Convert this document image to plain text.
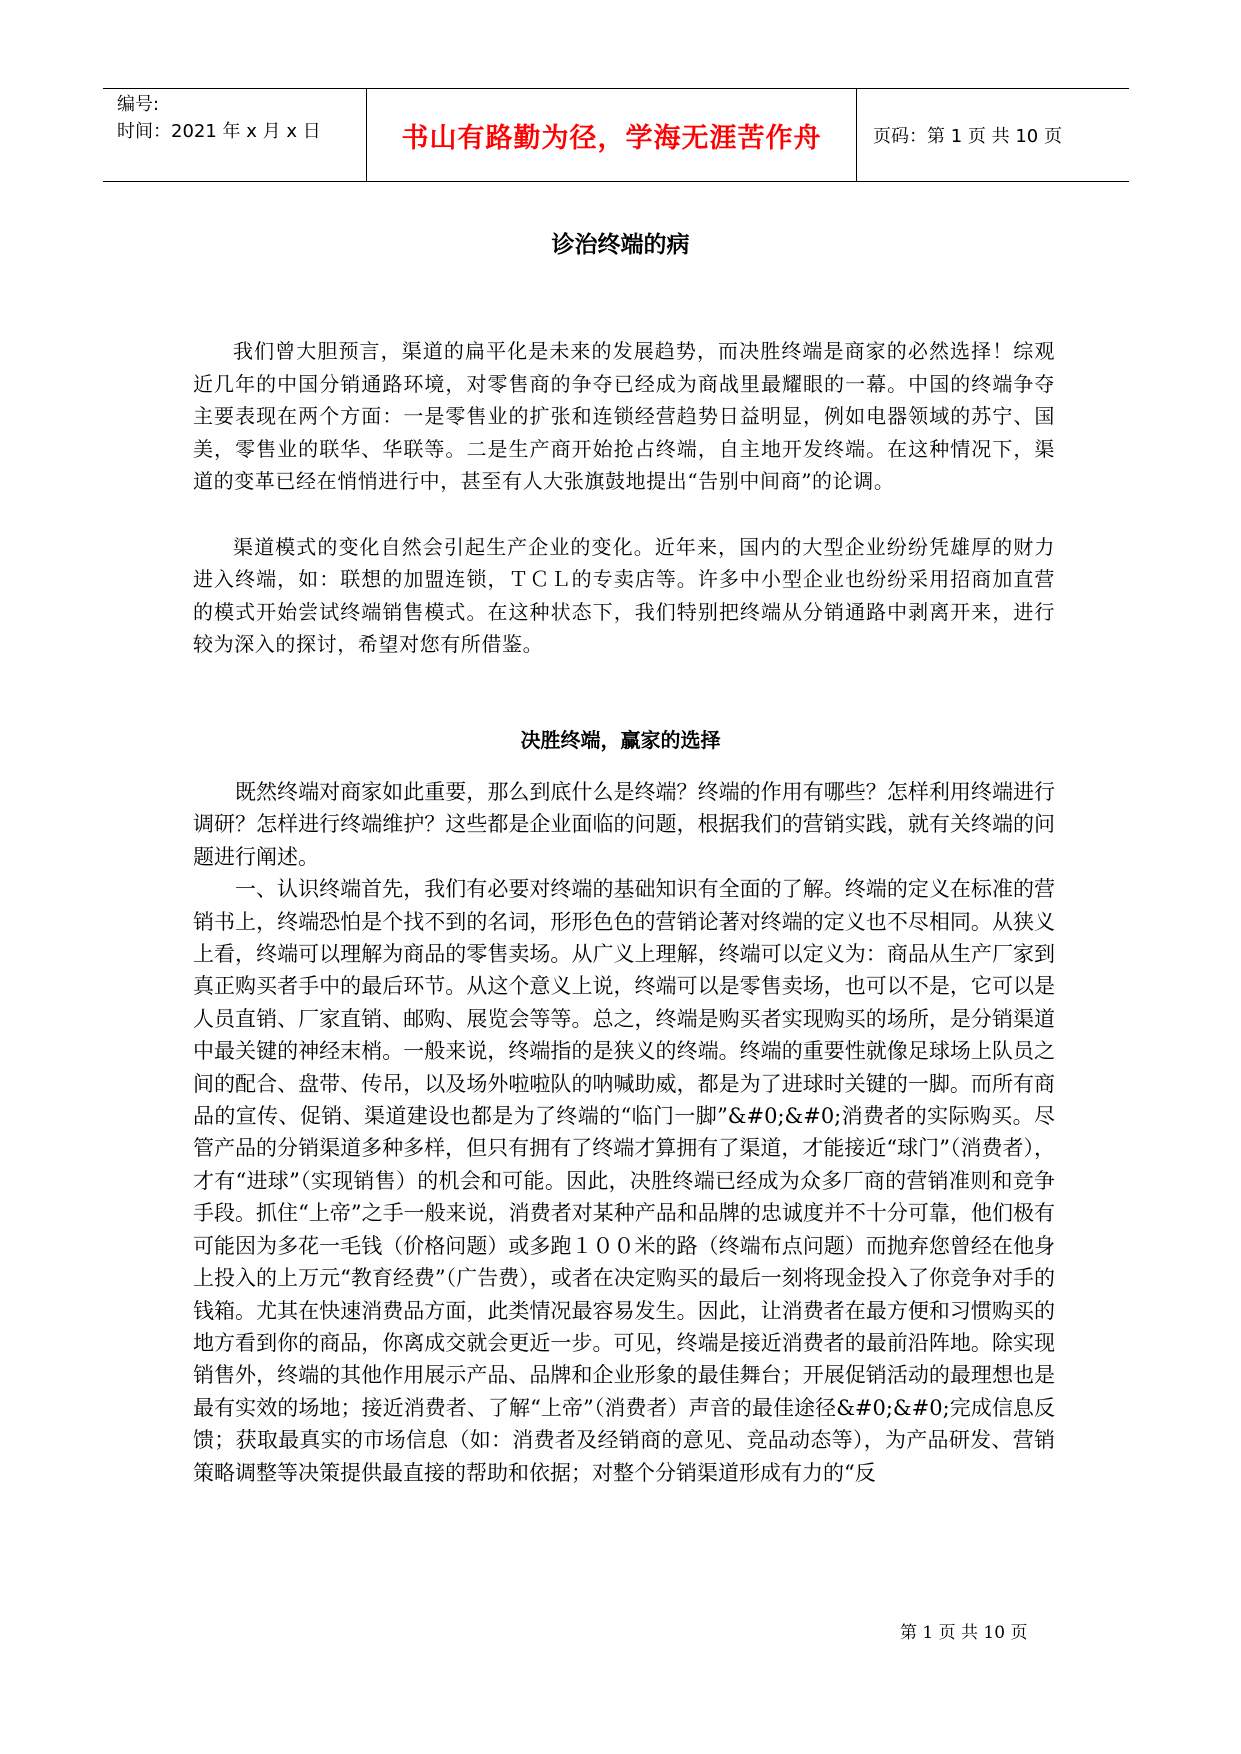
编号:
时间：2021 年 x 月 x 日	书山有路勤为径，学海无涯苦作舟	页码：第 1 页 共 10 页
诊治终端的病

我们曾大胆预言，渠道的扁平化是未来的发展趋势，而决胜终端是商家的必然选择！综观近几年的中国分销通路环境，对零售商的争夺已经成为商战里最耀眼的一幕。中国的终端争夺主要表现在两个方面：一是零售业的扩张和连锁经营趋势日益明显，例如电器领域的苏宁、国美，零售业的联华、华联等。二是生产商开始抢占终端，自主地开发终端。在这种情况下，渠道的变革已经在悄悄进行中，甚至有人大张旗鼓地提出“告别中间商”的论调。

渠道模式的变化自然会引起生产企业的变化。近年来，国内的大型企业纷纷凭雄厚的财力进入终端，如：联想的加盟连锁，ＴＣＬ的专卖店等。许多中小型企业也纷纷采用招商加直营的模式开始尝试终端销售模式。在这种状态下，我们特别把终端从分销通路中剥离开来，进行较为深入的探讨，希望对您有所借鉴。

决胜终端，赢家的选择

既然终端对商家如此重要，那么到底什么是终端？终端的作用有哪些？怎样利用终端进行调研？怎样进行终端维护？这些都是企业面临的问题，根据我们的营销实践，就有关终端的问题进行阐述。

一、认识终端首先，我们有必要对终端的基础知识有全面的了解。终端的定义在标准的营销书上，终端恐怕是个找不到的名词，形形色色的营销论著对终端的定义也不尽相同。从狭义上看，终端可以理解为商品的零售卖场。从广义上理解，终端可以定义为：商品从生产厂家到真正购买者手中的最后环节。从这个意义上说，终端可以是零售卖场，也可以不是，它可以是人员直销、厂家直销、邮购、展览会等等。总之，终端是购买者实现购买的场所，是分销渠道中最关键的神经末梢。一般来说，终端指的是狭义的终端。终端的重要性就像足球场上队员之间的配合、盘带、传吊，以及场外啦啦队的呐喊助威，都是为了进球时关键的一脚。而所有商品的宣传、促销、渠道建设也都是为了终端的“临门一脚”&#0;&#0;消费者的实际购买。尽管产品的分销渠道多种多样，但只有拥有了终端才算拥有了渠道，才能接近“球门”（消费者），才有“进球”（实现销售）的机会和可能。因此，决胜终端已经成为众多厂商的营销准则和竞争手段。抓住“上帝”之手一般来说，消费者对某种产品和品牌的忠诚度并不十分可靠，他们极有可能因为多花一毛钱（价格问题）或多跑１００米的路（终端布点问题）而抛弃您曾经在他身上投入的上万元“教育经费”（广告费），或者在决定购买的最后一刻将现金投入了你竞争对手的钱箱。尤其在快速消费品方面，此类情况最容易发生。因此，让消费者在最方便和习惯购买的地方看到你的商品，你离成交就会更近一步。可见，终端是接近消费者的最前沿阵地。除实现销售外，终端的其他作用展示产品、品牌和企业形象的最佳舞台；开展促销活动的最理想也是最有实效的场地；接近消费者、了解“上帝”（消费者）声音的最佳途径&#0;&#0;完成信息反馈；获取最真实的市场信息（如：消费者及经销商的意见、竞品动态等），为产品研发、营销策略调整等决策提供最直接的帮助和依据；对整个分销渠道形成有力的“反

第 1 页 共 10 页
